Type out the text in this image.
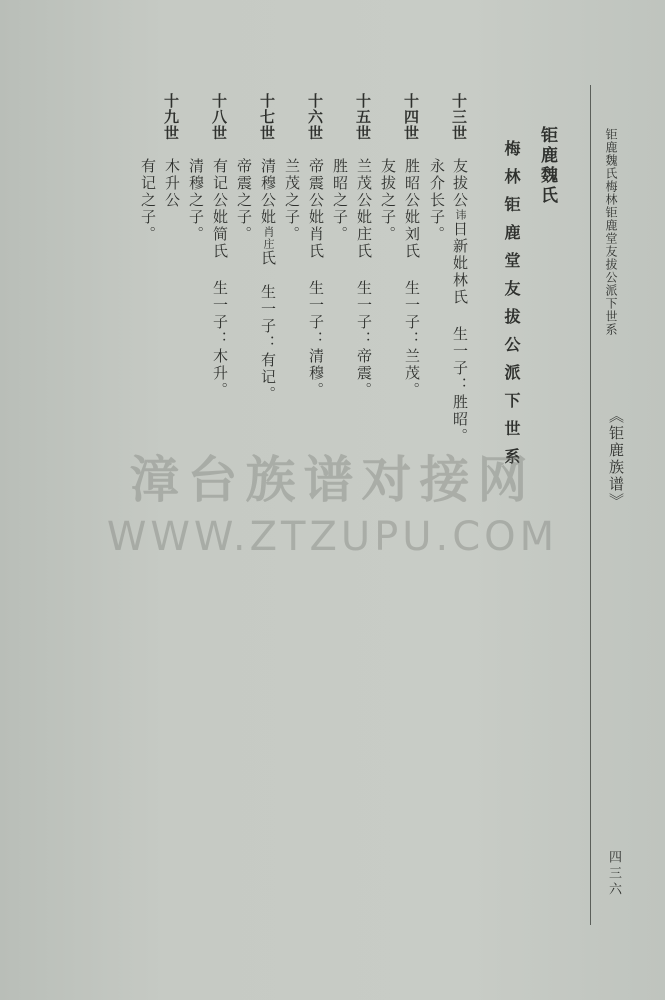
钜鹿魏氏梅林钜鹿堂友拔公派下世系
《钜鹿族谱》
四三六
钜鹿魏氏
梅林钜鹿堂友拔公派下世系
十三世
友拔公讳日新妣林氏 生一子：胜昭。
永介长子。
十四世
胜昭公妣刘氏 生一子：兰茂。
友拔之子。
十五世
兰茂公妣庄氏 生一子：帝震。
胜昭之子。
十六世
帝震公妣肖氏 生一子：清穆。
兰茂之子。
十七世
清穆公妣肖庄氏　生一子：有记。
帝震之子。
十八世
有记公妣简氏 生一子：木升。
清穆之子。
十九世
木升公
有记之子。
漳台族谱对接网
WWW.ZTZUPU.COM
